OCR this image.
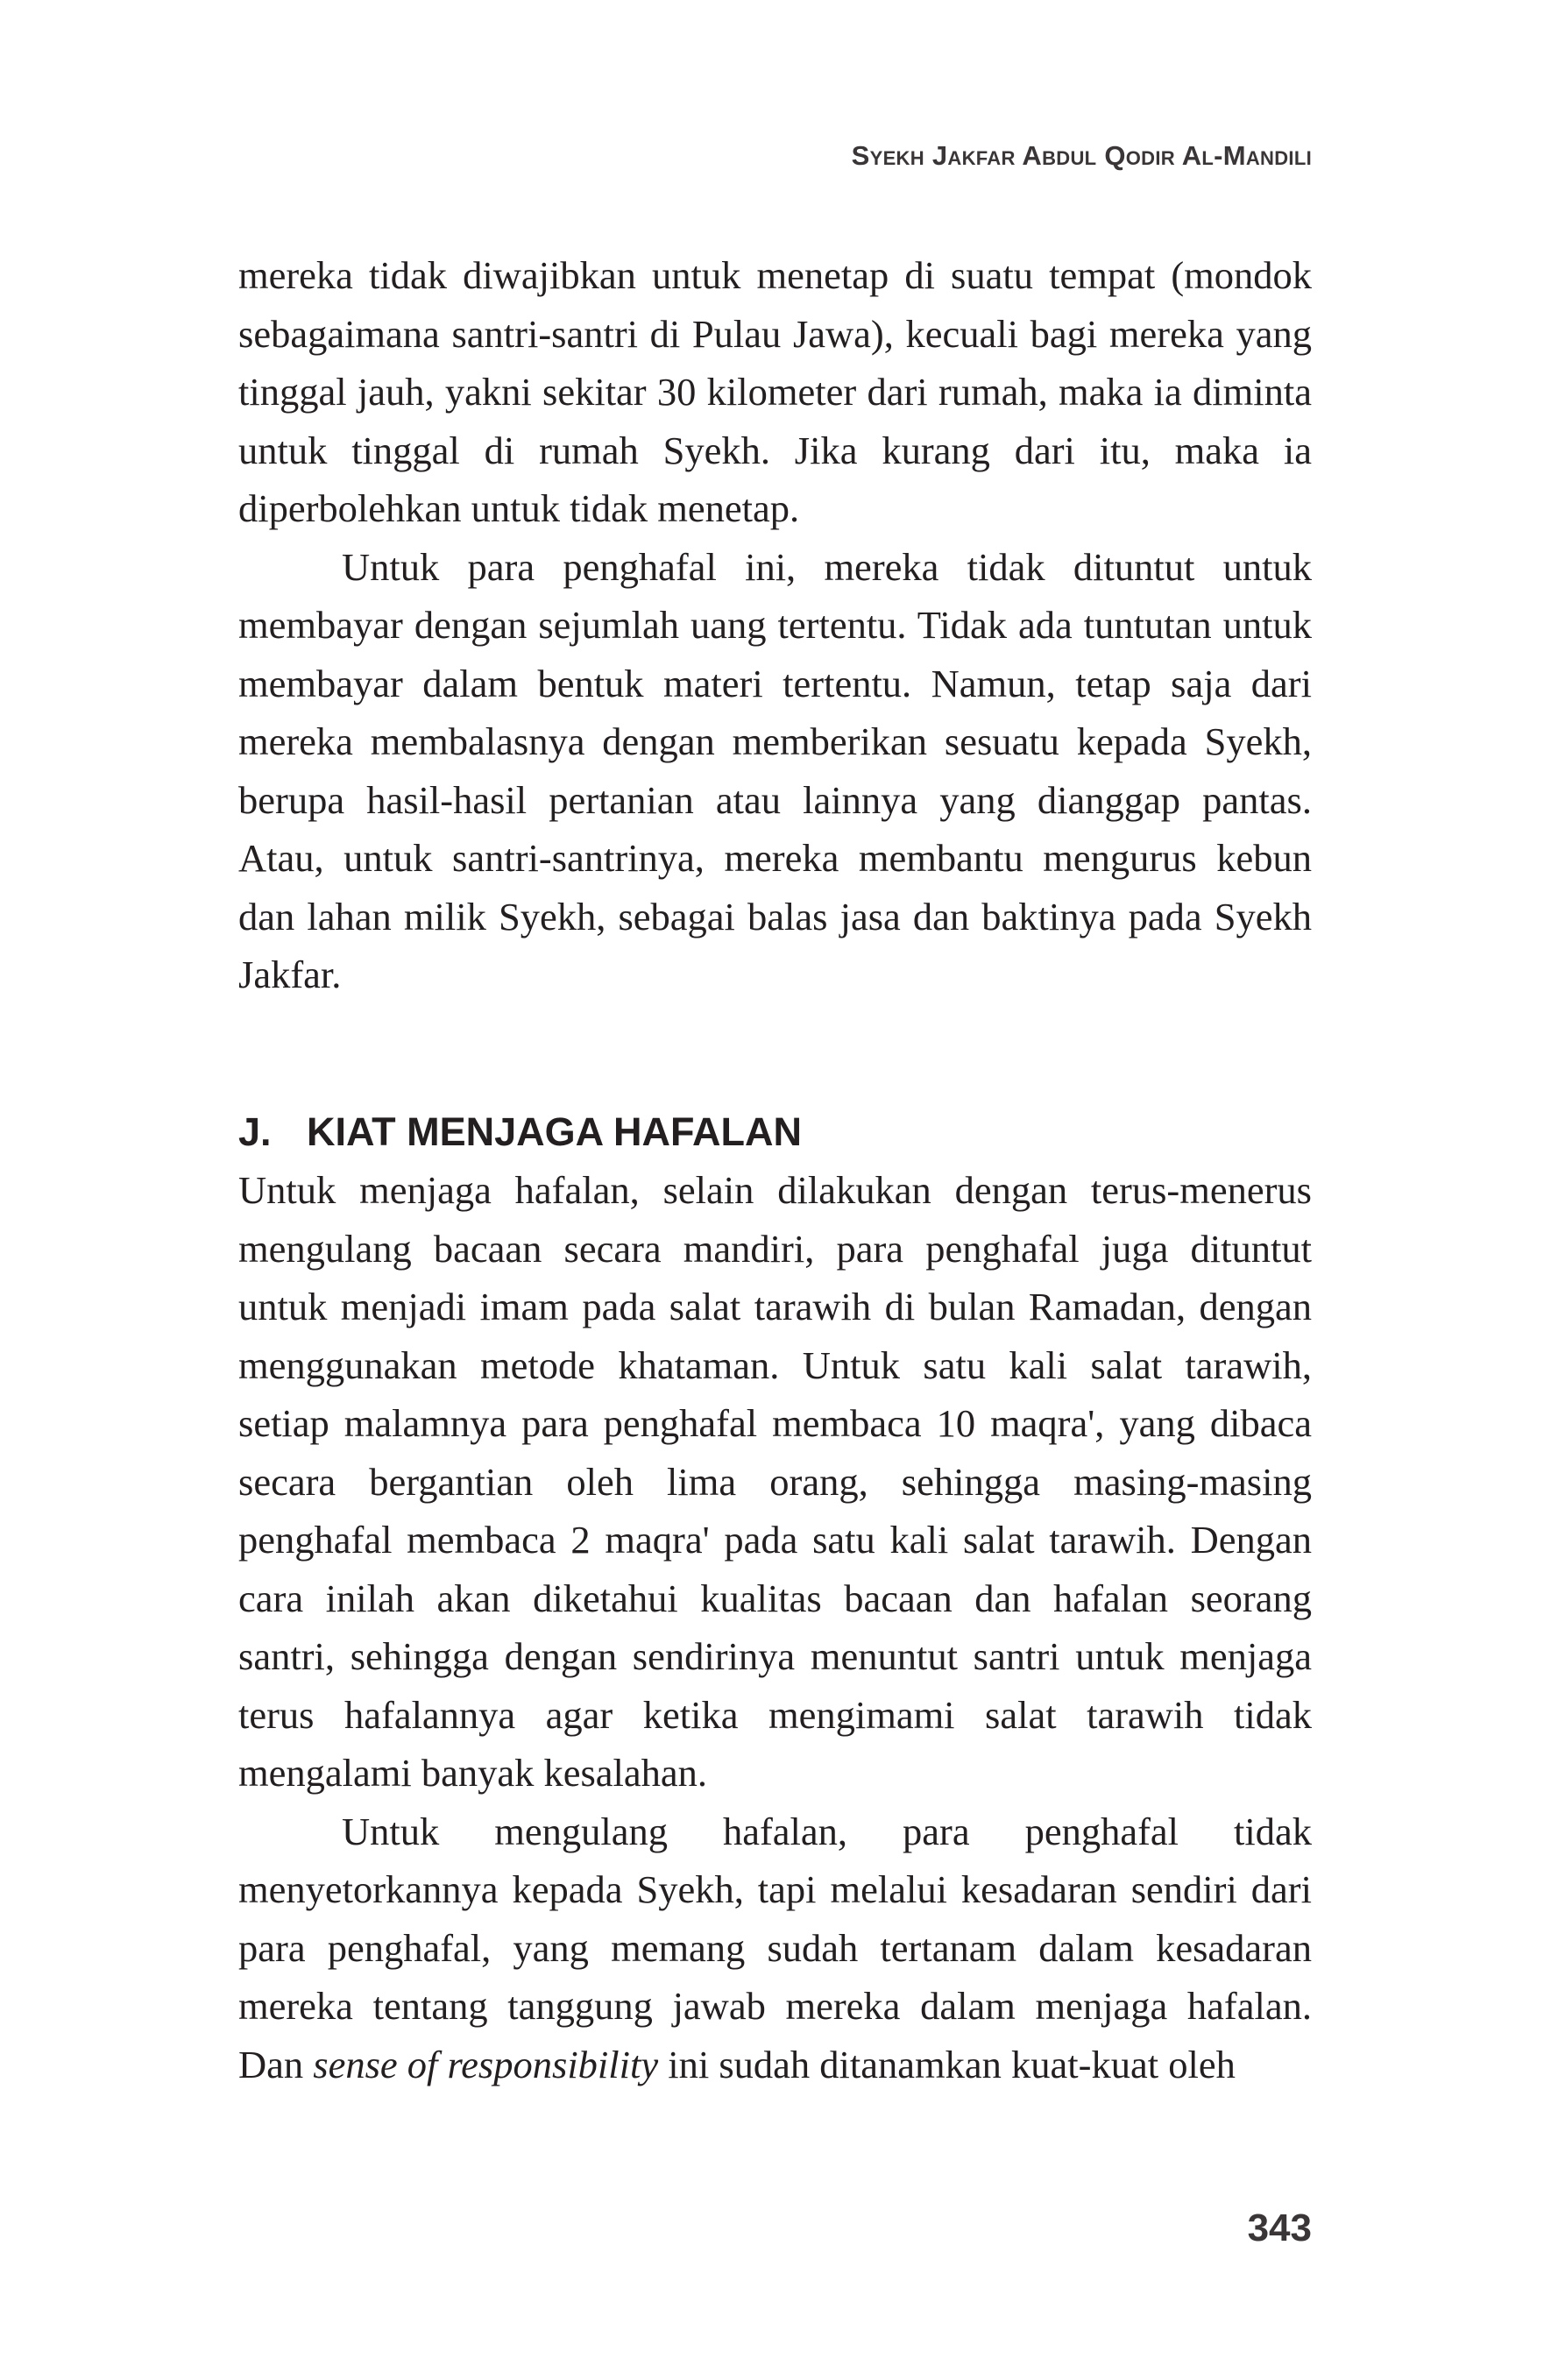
Syekh Jakfar Abdul Qodir Al-Mandili

mereka tidak diwajibkan untuk menetap di suatu tempat (mondok sebagaimana santri-santri di Pulau Jawa), kecuali bagi mereka yang tinggal jauh, yakni sekitar 30 kilometer dari rumah, maka ia diminta untuk tinggal di rumah Syekh. Jika kurang dari itu, maka ia diperbolehkan untuk tidak menetap.

Untuk para penghafal ini, mereka tidak dituntut untuk membayar dengan sejumlah uang tertentu. Tidak ada tuntutan untuk membayar dalam bentuk materi tertentu. Namun, tetap saja dari mereka membalasnya dengan memberikan sesuatu kepada Syekh, berupa hasil-hasil pertanian atau lainnya yang dianggap pantas. Atau, untuk santri-santrinya, mereka membantu mengurus kebun dan lahan milik Syekh, sebagai balas jasa dan baktinya pada Syekh Jakfar.

J. KIAT MENJAGA HAFALAN

Untuk menjaga hafalan, selain dilakukan dengan terus-menerus mengulang bacaan secara mandiri, para penghafal juga dituntut untuk menjadi imam pada salat tarawih di bulan Ramadan, dengan menggunakan metode khataman. Untuk satu kali salat tarawih, setiap malamnya para penghafal membaca 10 maqra', yang dibaca secara bergantian oleh lima orang, sehingga masing-masing penghafal membaca 2 maqra' pada satu kali salat tarawih. Dengan cara inilah akan diketahui kualitas bacaan dan hafalan seorang santri, sehingga dengan sendirinya menuntut santri untuk menjaga terus hafalannya agar ketika mengimami salat tarawih tidak mengalami banyak kesalahan.

Untuk mengulang hafalan, para penghafal tidak menyetorkannya kepada Syekh, tapi melalui kesadaran sendiri dari para penghafal, yang memang sudah tertanam dalam kesadaran mereka tentang tanggung jawab mereka dalam menjaga hafalan. Dan sense of responsibility ini sudah ditanamkan kuat-kuat oleh

343
